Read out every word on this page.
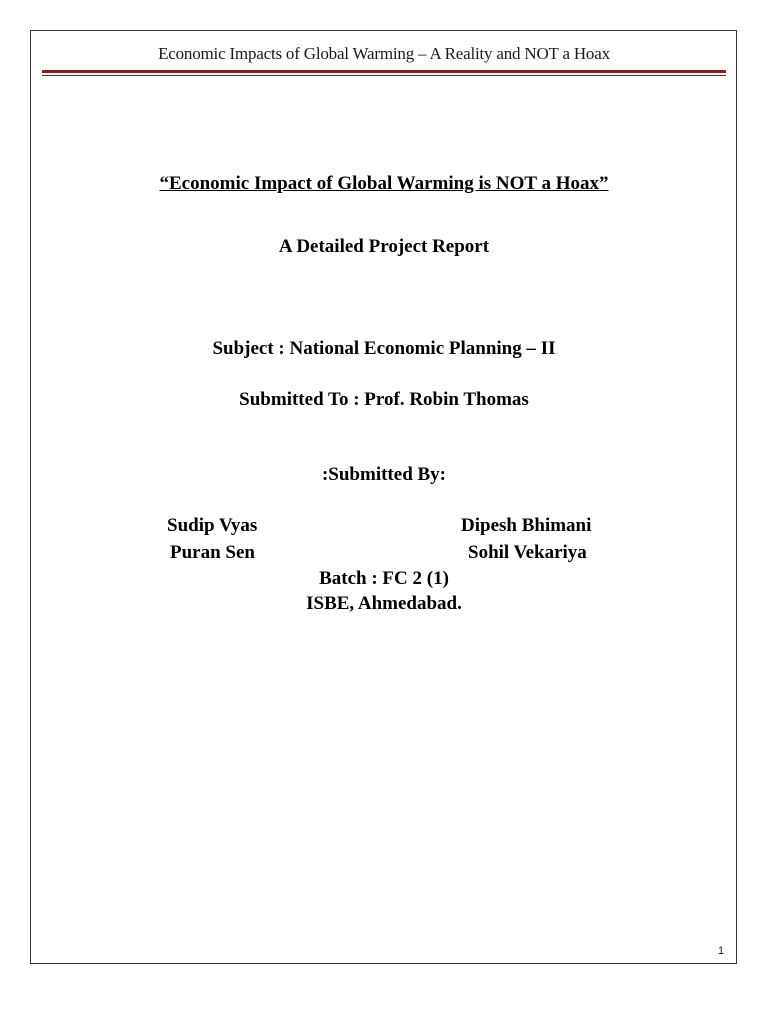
Economic Impacts of Global Warming – A Reality and NOT a Hoax
“Economic Impact of Global Warming is NOT a Hoax”
A Detailed Project Report
Subject : National Economic Planning – II
Submitted To : Prof. Robin Thomas
:Submitted By:
Sudip Vyas	Dipesh Bhimani
Puran Sen	Sohil Vekariya
Batch : FC 2 (1)
ISBE, Ahmedabad.
1
